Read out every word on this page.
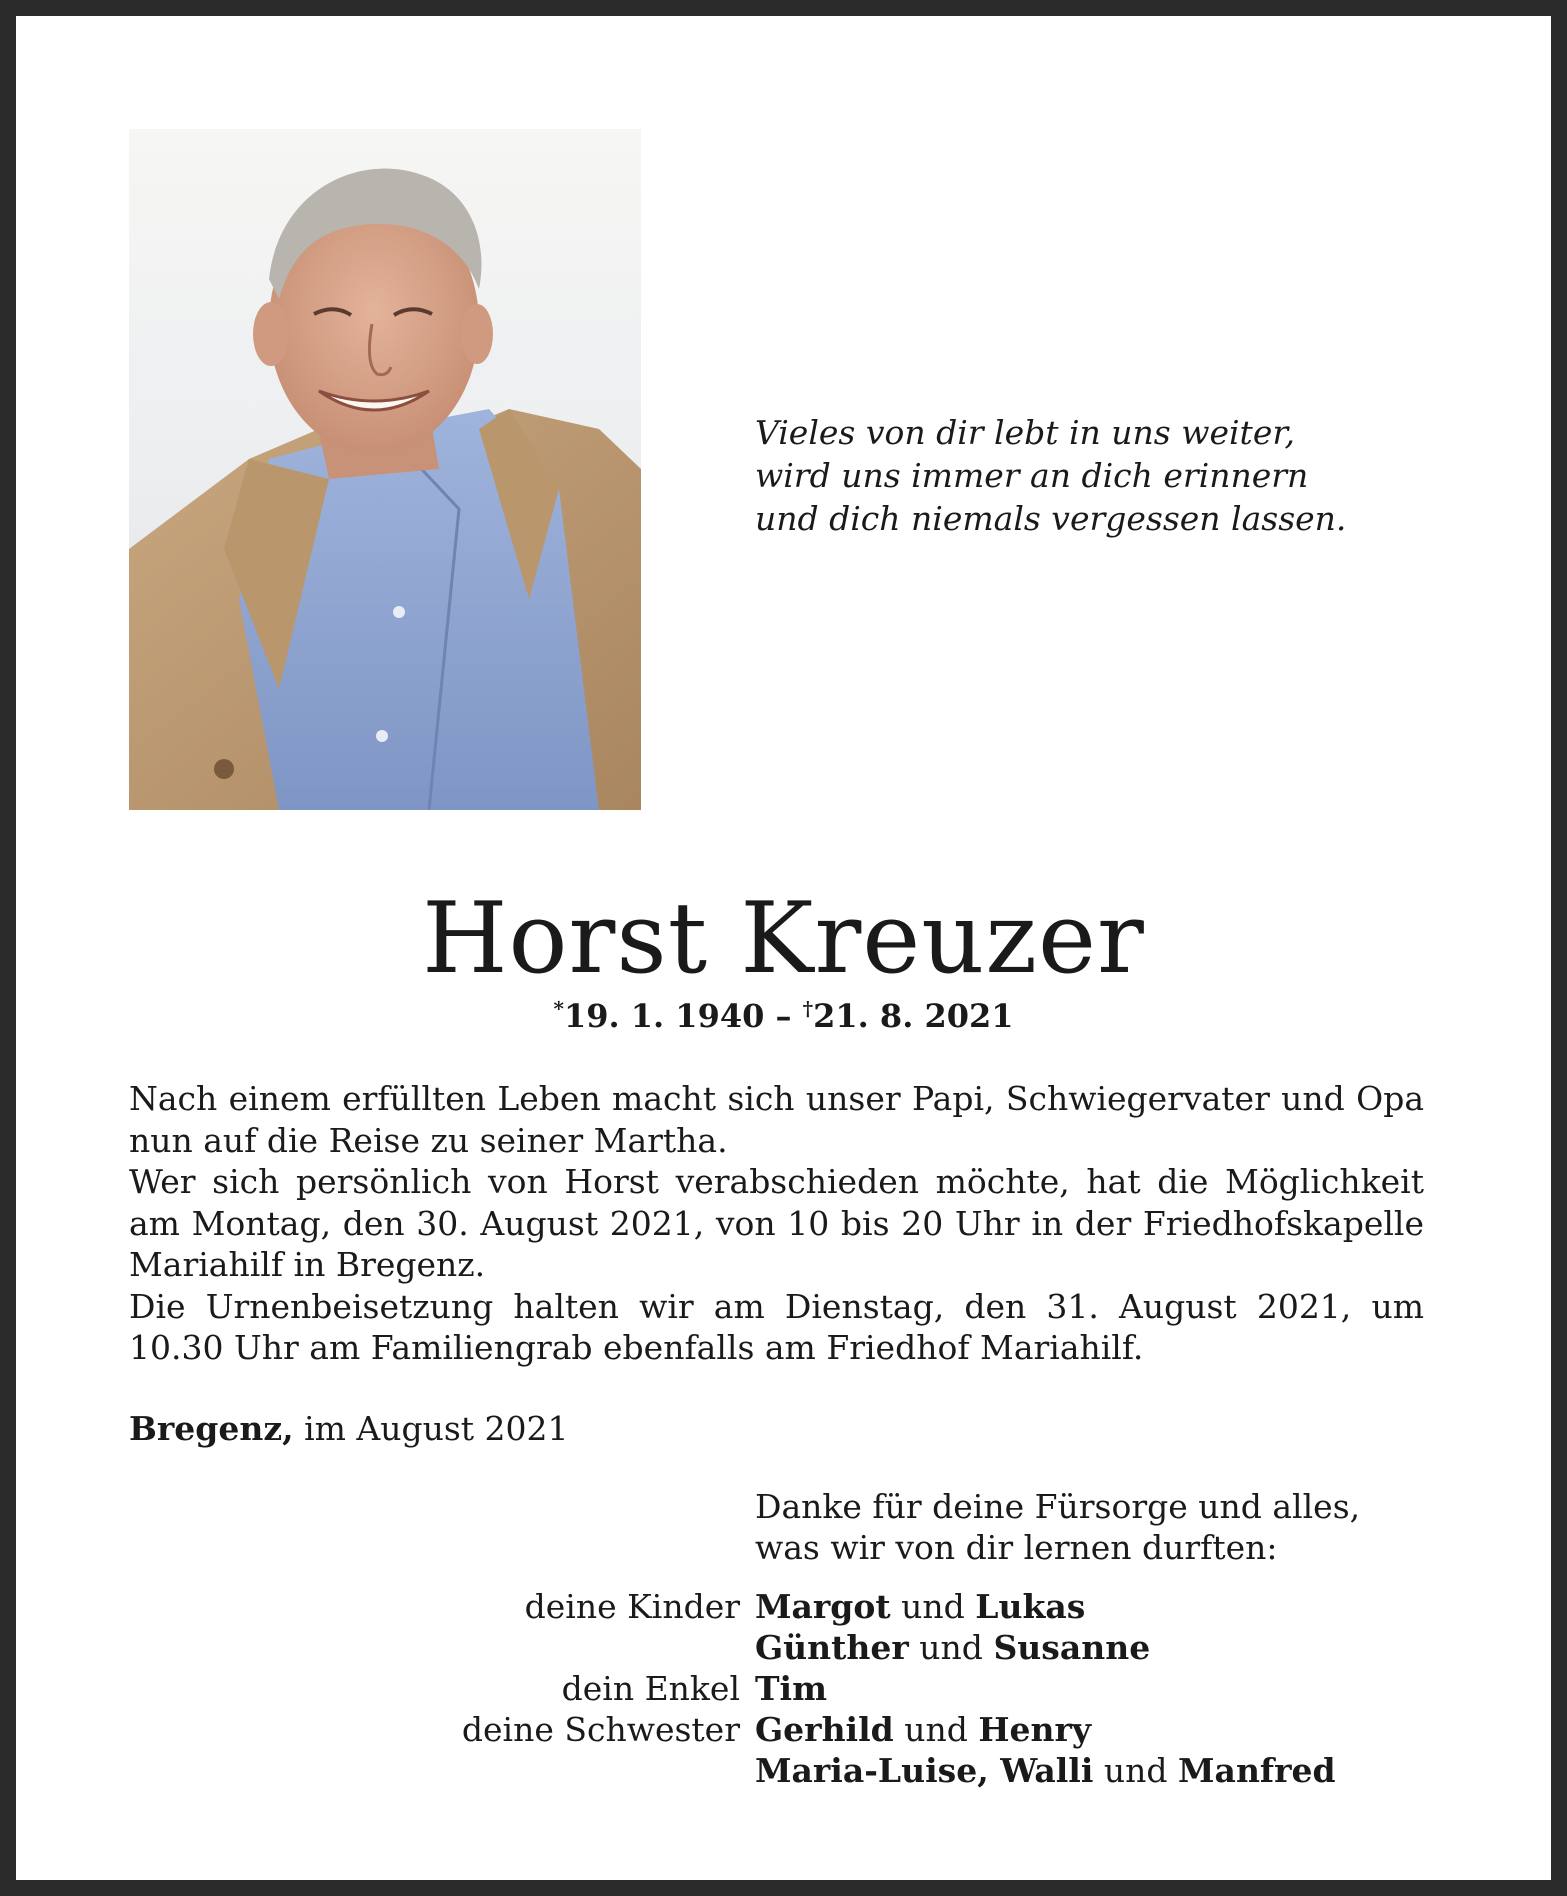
Vieles von dir lebt in uns weiter,
wird uns immer an dich erinnern
und dich niemals vergessen lassen.
Horst Kreuzer
*19. 1. 1940 – †21. 8. 2021

Nach einem erfüllten Leben macht sich unser Papi, Schwiegervater und Opa nun auf die Reise zu seiner Martha.

Wer sich persönlich von Horst verabschieden möchte, hat die Möglichkeit am Montag, den 30. August 2021, von 10 bis 20 Uhr in der Friedhofskapelle Mariahilf in Bregenz.

Die Urnenbeisetzung halten wir am Dienstag, den 31. August 2021, um 10.30 Uhr am Familiengrab ebenfalls am Friedhof Mariahilf.

Bregenz, im August 2021
Danke für deine Fürsorge und alles,
was wir von dir lernen durften:
deine Kinder Margot und Lukas
Günther und Susanne
dein Enkel Tim
deine Schwester Gerhild und Henry
Maria-Luise, Walli und Manfred
